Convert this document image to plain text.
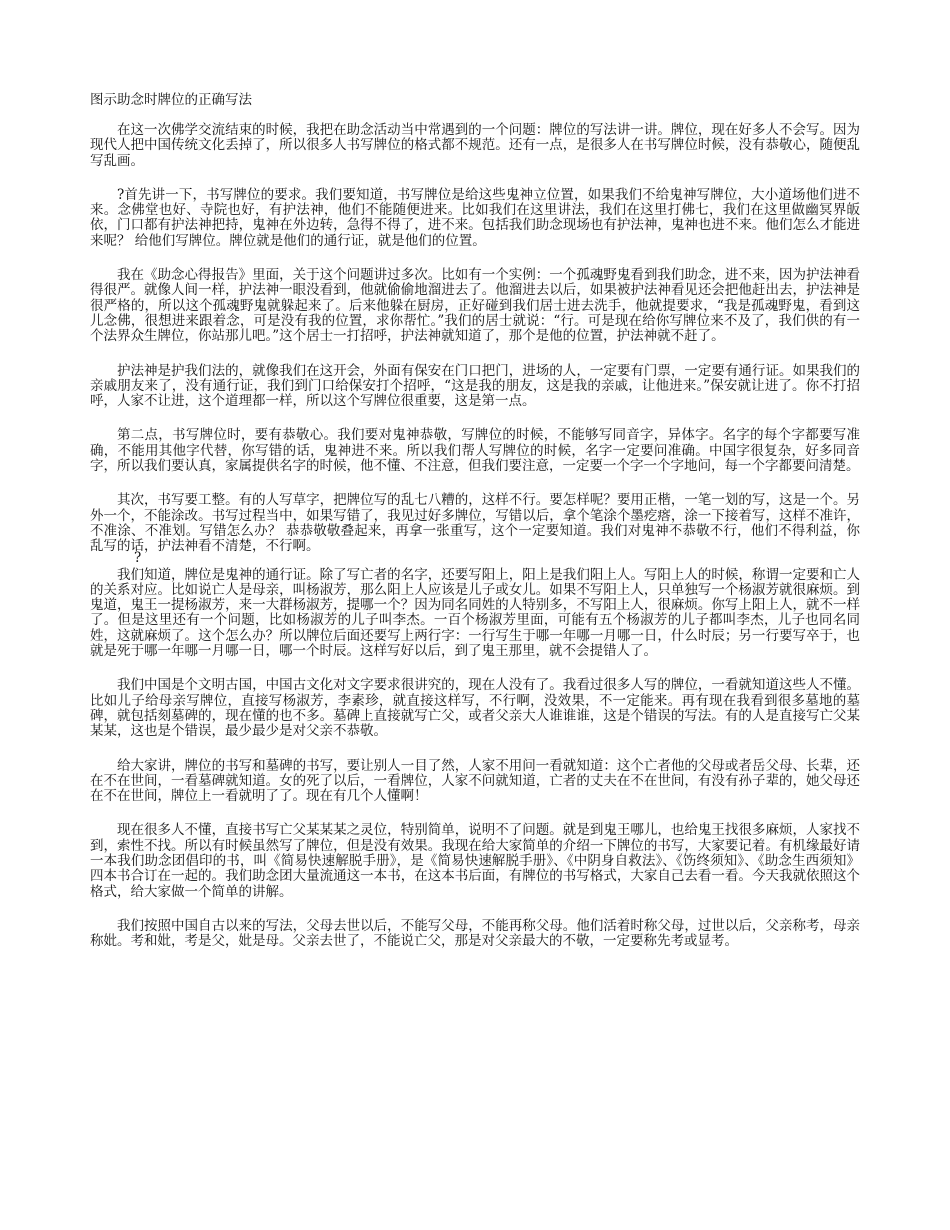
图示助念时牌位的正确写法

在这一次佛学交流结束的时候，我把在助念活动当中常遇到的一个问题：牌位的写法讲一讲。牌位，现在好多人不会写。因为现代人把中国传统文化丢掉了，所以很多人书写牌位的格式都不规范。还有一点，是很多人在书写牌位时候，没有恭敬心，随便乱写乱画。

?首先讲一下，书写牌位的要求。我们要知道，书写牌位是给这些鬼神立位置，如果我们不给鬼神写牌位，大小道场他们进不来。念佛堂也好、寺院也好，有护法神，他们不能随便进来。比如我们在这里讲法，我们在这里打佛七，我们在这里做幽冥界皈依，门口都有护法神把持，鬼神在外边转，急得不得了，进不来。包括我们助念现场也有护法神，鬼神也进不来。他们怎么才能进来呢？ 给他们写牌位。牌位就是他们的通行证，就是他们的位置。

我在《助念心得报告》里面，关于这个问题讲过多次。比如有一个实例：一个孤魂野鬼看到我们助念，进不来，因为护法神看得很严。就像人间一样，护法神一眼没看到，他就偷偷地溜进去了。他溜进去以后，如果被护法神看见还会把他赶出去，护法神是很严格的，所以这个孤魂野鬼就躲起来了。后来他躲在厨房，正好碰到我们居士进去洗手，他就提要求，“我是孤魂野鬼，看到这儿念佛，很想进来跟着念，可是没有我的位置，求你帮忙。”我们的居士就说：“行。可是现在给你写牌位来不及了，我们供的有一个法界众生牌位，你站那儿吧。”这个居士一打招呼，护法神就知道了，那个是他的位置，护法神就不赶了。

护法神是护我们法的，就像我们在这开会，外面有保安在门口把门，进场的人，一定要有门票，一定要有通行证。如果我们的亲戚朋友来了，没有通行证，我们到门口给保安打个招呼，“这是我的朋友，这是我的亲戚，让他进来。”保安就让进了。你不打招呼，人家不让进，这个道理都一样，所以这个写牌位很重要，这是第一点。

第二点，书写牌位时，要有恭敬心。我们要对鬼神恭敬，写牌位的时候，不能够写同音字，异体字。名字的每个字都要写准确，不能用其他字代替，你写错的话，鬼神进不来。所以我们帮人写牌位的时候，名字一定要问准确。中国字很复杂，好多同音字，所以我们要认真，家属提供名字的时候，他不懂、不注意，但我们要注意，一定要一个字一个字地问，每一个字都要问清楚。

其次，书写要工整。有的人写草字，把牌位写的乱七八糟的，这样不行。要怎样呢？要用正楷，一笔一划的写，这是一个。另外一个，不能涂改。书写过程当中，如果写错了，我见过好多牌位，写错以后，拿个笔涂个墨疙瘩，涂一下接着写，这样不准许，不准涂、不准划。写错怎么办？ 恭恭敬敬叠起来，再拿一张重写，这个一定要知道。我们对鬼神不恭敬不行，他们不得利益，你乱写的话，护法神看不清楚，不行啊。

?

我们知道，牌位是鬼神的通行证。除了写亡者的名字，还要写阳上，阳上是我们阳上人。写阳上人的时候，称谓一定要和亡人的关系对应。比如说亡人是母亲，叫杨淑芳，那么阳上人应该是儿子或女儿。如果不写阳上人，只单独写一个杨淑芳就很麻烦。到鬼道，鬼王一提杨淑芳，来一大群杨淑芳，提哪一个？因为同名同姓的人特别多，不写阳上人，很麻烦。你写上阳上人，就不一样了。但是这里还有一个问题，比如杨淑芳的儿子叫李杰。一百个杨淑芳里面，可能有五个杨淑芳的儿子都叫李杰，儿子也同名同姓，这就麻烦了。这个怎么办？所以牌位后面还要写上两行字：一行写生于哪一年哪一月哪一日，什么时辰；另一行要写卒于，也就是死于哪一年哪一月哪一日，哪一个时辰。这样写好以后，到了鬼王那里，就不会提错人了。

我们中国是个文明古国，中国古文化对文字要求很讲究的，现在人没有了。我看过很多人写的牌位，一看就知道这些人不懂。比如儿子给母亲写牌位，直接写杨淑芳，李素珍，就直接这样写，不行啊，没效果，不一定能来。再有现在我看到很多墓地的墓碑，就包括刻墓碑的，现在懂的也不多。墓碑上直接就写亡父，或者父亲大人谁谁谁，这是个错误的写法。有的人是直接写亡父某某某，这也是个错误，最少最少是对父亲不恭敬。

给大家讲，牌位的书写和墓碑的书写，要让别人一目了然，人家不用问一看就知道：这个亡者他的父母或者岳父母、长辈，还在不在世间，一看墓碑就知道。女的死了以后，一看牌位，人家不问就知道，亡者的丈夫在不在世间，有没有孙子辈的，她父母还在不在世间，牌位上一看就明了了。现在有几个人懂啊！

现在很多人不懂，直接书写亡父某某某之灵位，特别简单，说明不了问题。就是到鬼王哪儿，也给鬼王找很多麻烦，人家找不到，索性不找。所以有时候虽然写了牌位，但是没有效果。我现在给大家简单的介绍一下牌位的书写，大家要记着。有机缘最好请一本我们助念团倡印的书，叫《简易快速解脱手册》，是《简易快速解脱手册》、《中阴身自救法》、《饬终须知》、《助念生西须知》四本书合订在一起的。我们助念团大量流通这一本书，在这本书后面，有牌位的书写格式，大家自己去看一看。今天我就依照这个格式，给大家做一个简单的讲解。

我们按照中国自古以来的写法，父母去世以后，不能写父母，不能再称父母。他们活着时称父母，过世以后，父亲称考，母亲称妣。考和妣，考是父，妣是母。父亲去世了，不能说亡父，那是对父亲最大的不敬，一定要称先考或显考。
